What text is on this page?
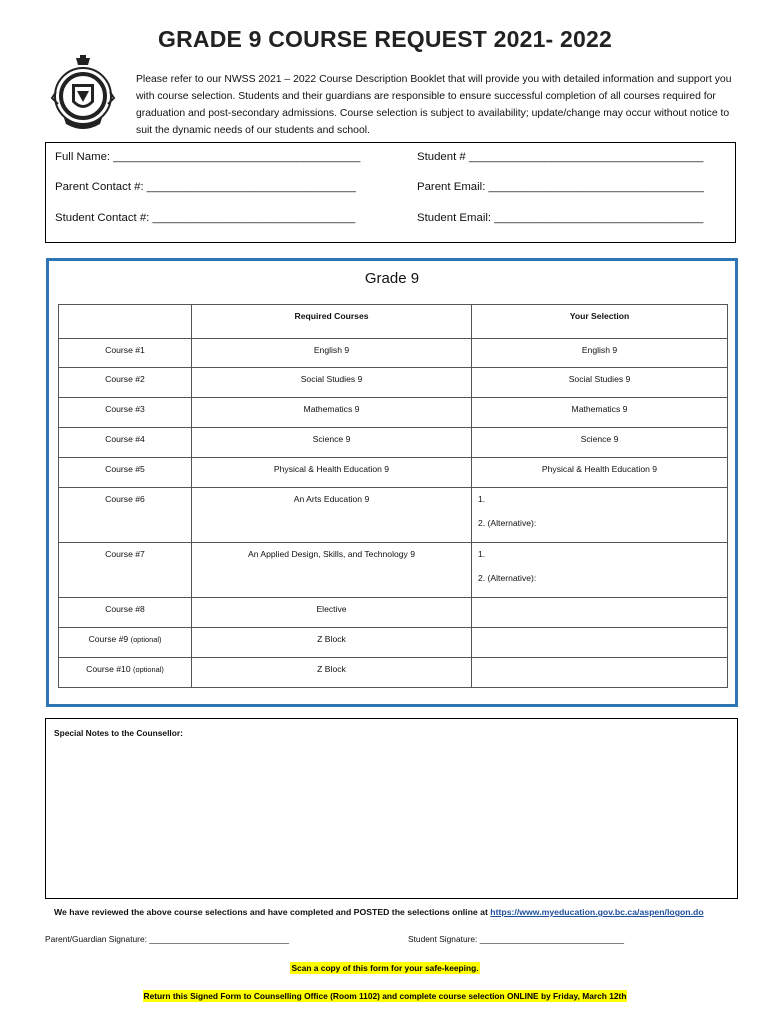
GRADE 9 COURSE REQUEST 2021- 2022
Please refer to our NWSS 2021 – 2022 Course Description Booklet that will provide you with detailed information and support you with course selection. Students and their guardians are responsible to ensure successful completion of all courses required for graduation and post-secondary admissions. Course selection is subject to availability; update/change may occur without notice to suit the dynamic needs of our students and school.
Full Name: _______________________________________	Student # _____________________________________
Parent Contact #: _________________________________	Parent Email: __________________________________
Student Contact #: ________________________________	Student Email: _________________________________
Grade 9
	Required Courses	Your Selection
Course #1	English 9	English 9
Course #2	Social Studies 9	Social Studies 9
Course #3	Mathematics 9	Mathematics 9
Course #4	Science 9	Science 9
Course #5	Physical & Health Education 9	Physical & Health Education 9
Course #6	An Arts Education 9	1.
2. (Alternative):

Course #7	An Applied Design, Skills, and Technology 9	1.
2. (Alternative):

Course #8	Elective	
Course #9 (optional)	Z Block	
Course #10 (optional)	Z Block	
Special Notes to the Counsellor:
We have reviewed the above course selections and have completed and POSTED the selections online at https://www.myeducation.gov.bc.ca/aspen/logon.do
Parent/Guardian Signature: ______________________________	Student Signature: _______________________________
Scan a copy of this form for your safe-keeping.
Return this Signed Form to Counselling Office (Room 1102) and complete course selection ONLINE by Friday, March 12th
